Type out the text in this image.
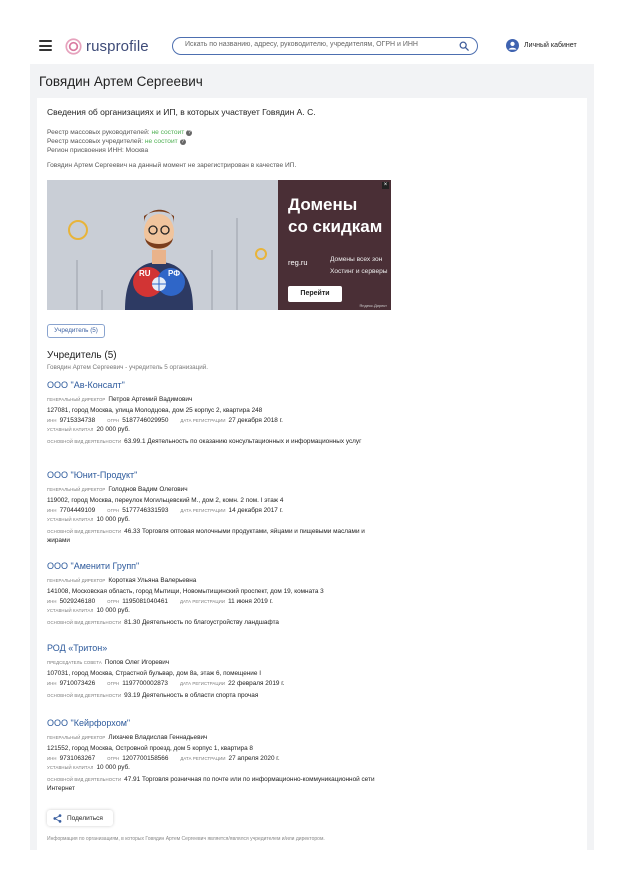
rusprofile	Искать по названию, адресу, руководителю, учредителям, ОГРН и ИНН	Личный кабинет
Говядин Артем Сергеевич
Сведения об организациях и ИП, в которых участвует Говядин А. С.
Реестр массовых руководителей: не состоит ?
Реестр массовых учредителей: не состоит ?
Регион присвоения ИНН: Москва
Говядин Артем Сергеевич на данный момент не зарегистрирован в качестве ИП.
RU РФ
Домены
со скидкам
reg.ru	Домены всех зон
Хостинг и серверы
Перейти
Яндекс.Директ
×
Учредитель (5)
Учредитель (5)
Говядин Артем Сергеевич - учредитель 5 организаций.
ООО "Ав-Консалт"
ГЕНЕРАЛЬНЫЙ ДИРЕКТОР Петров Артемий Вадимович
127081, город Москва, улица Молодцова, дом 25 корпус 2, квартира 248
ИНН 9715334738	ОГРН 5187746029950	ДАТА РЕГИСТРАЦИИ 27 декабря 2018 г.
УСТАВНЫЙ КАПИТАЛ 20 000 руб.
ОСНОВНОЙ ВИД ДЕЯТЕЛЬНОСТИ 63.99.1 Деятельность по оказанию консультационных и информационных услуг
ООО "Юнит-Продукт"
ГЕНЕРАЛЬНЫЙ ДИРЕКТОР Голоднов Вадим Олегович
119002, город Москва, переулок Могильцевский М., дом 2, комн. 2 пом. I этаж 4
ИНН 7704449109	ОГРН 5177746331593	ДАТА РЕГИСТРАЦИИ 14 декабря 2017 г.
УСТАВНЫЙ КАПИТАЛ 10 000 руб.
ОСНОВНОЙ ВИД ДЕЯТЕЛЬНОСТИ 46.33 Торговля оптовая молочными продуктами, яйцами и пищевыми маслами и жирами
ООО "Аменити Групп"
ГЕНЕРАЛЬНЫЙ ДИРЕКТОР Короткая Ульяна Валерьевна
141008, Московская область, город Мытищи, Новомытищинский проспект, дом 19, комната 3
ИНН 5029246180	ОГРН 1195081040461	ДАТА РЕГИСТРАЦИИ 11 июня 2019 г.
УСТАВНЫЙ КАПИТАЛ 10 000 руб.
ОСНОВНОЙ ВИД ДЕЯТЕЛЬНОСТИ 81.30 Деятельность по благоустройству ландшафта
РОД «Тритон»
ПРЕДСЕДАТЕЛЬ СОВЕТА Попов Олег Игоревич
107031, город Москва, Страстной бульвар, дом 8а, этаж 6, помещение I
ИНН 9710073426	ОГРН 1197700002873	ДАТА РЕГИСТРАЦИИ 22 февраля 2019 г.
ОСНОВНОЙ ВИД ДЕЯТЕЛЬНОСТИ 93.19 Деятельность в области спорта прочая
ООО "Кейрфорхом"
ГЕНЕРАЛЬНЫЙ ДИРЕКТОР Лихачев Владислав Геннадьевич
121552, город Москва, Островной проезд, дом 5 корпус 1, квартира 8
ИНН 9731063267	ОГРН 1207700158566	ДАТА РЕГИСТРАЦИИ 27 апреля 2020 г.
УСТАВНЫЙ КАПИТАЛ 10 000 руб.
ОСНОВНОЙ ВИД ДЕЯТЕЛЬНОСТИ 47.91 Торговля розничная по почте или по информационно-коммуникационной сети Интернет
Поделиться
Информация по организациям, в которых Говядин Артем Сергеевич является/являлся учредителем и/или директором.
